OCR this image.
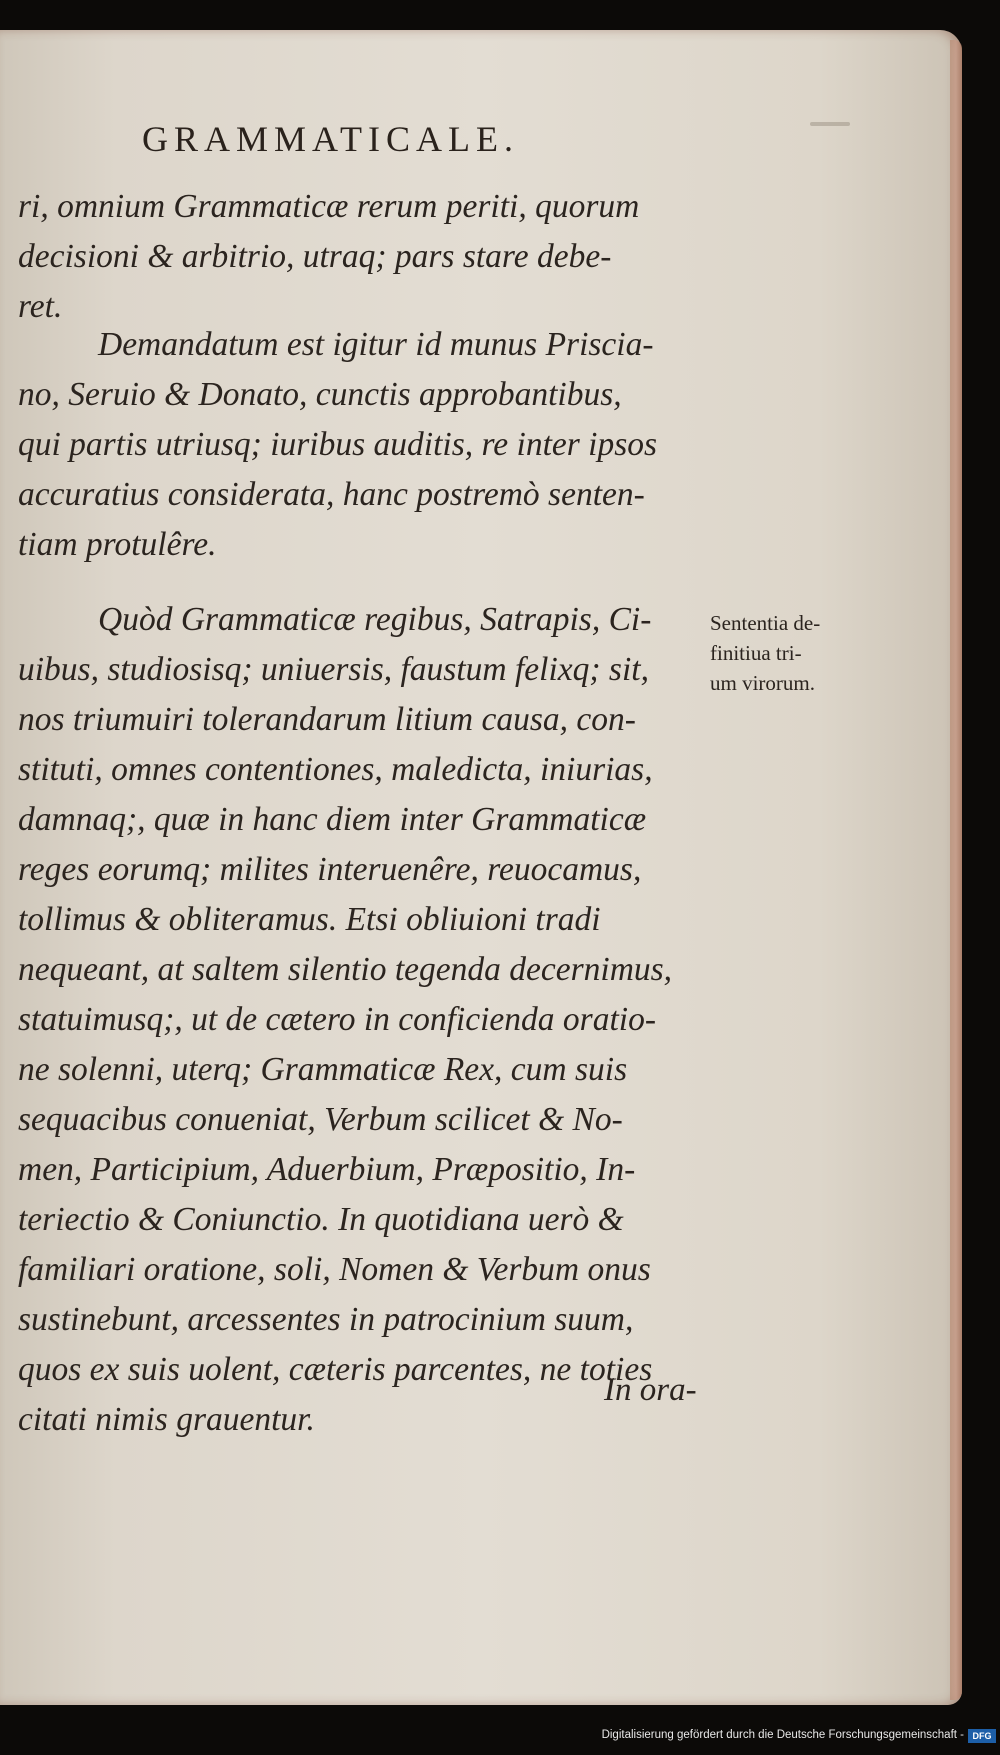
GRAMMATICALE.
ri, omnium Grammaticæ rerum periti, quorum
decisioni & arbitrio, utraq; pars stare debe-
ret.
Demandatum est igitur id munus Priscia-
no, Seruio & Donato, cunctis approbantibus,
qui partis utriusq; iuribus auditis, re inter ipsos
accuratius considerata, hanc postremò senten-
tiam protulêre.
Quòd Grammaticæ regibus, Satrapis, Ci-
uibus, studiosisq; uniuersis, faustum felixq; sit,
nos triumuiri tolerandarum litium causa, con-
stituti, omnes contentiones, maledicta, iniurias,
damnaq;, quæ in hanc diem inter Grammaticæ
reges eorumq; milites interuenêre, reuocamus,
tollimus & obliteramus. Etsi obliuioni tradi
nequeant, at saltem silentio tegenda decernimus,
statuimusq;, ut de cætero in conficienda oratio-
ne solenni, uterq; Grammaticæ Rex, cum suis
sequacibus conueniat, Verbum scilicet & No-
men, Participium, Aduerbium, Præpositio, In-
teriectio & Coniunctio. In quotidiana uerò &
familiari oratione, soli, Nomen & Verbum onus
sustinebunt, arcessentes in patrocinium suum,
quos ex suis uolent, cæteris parcentes, ne toties
citati nimis grauentur.
Sententia de-
finitiua tri-
um virorum.
In ora-
Digitalisierung gefördert durch die Deutsche Forschungsgemeinschaft - DFG
